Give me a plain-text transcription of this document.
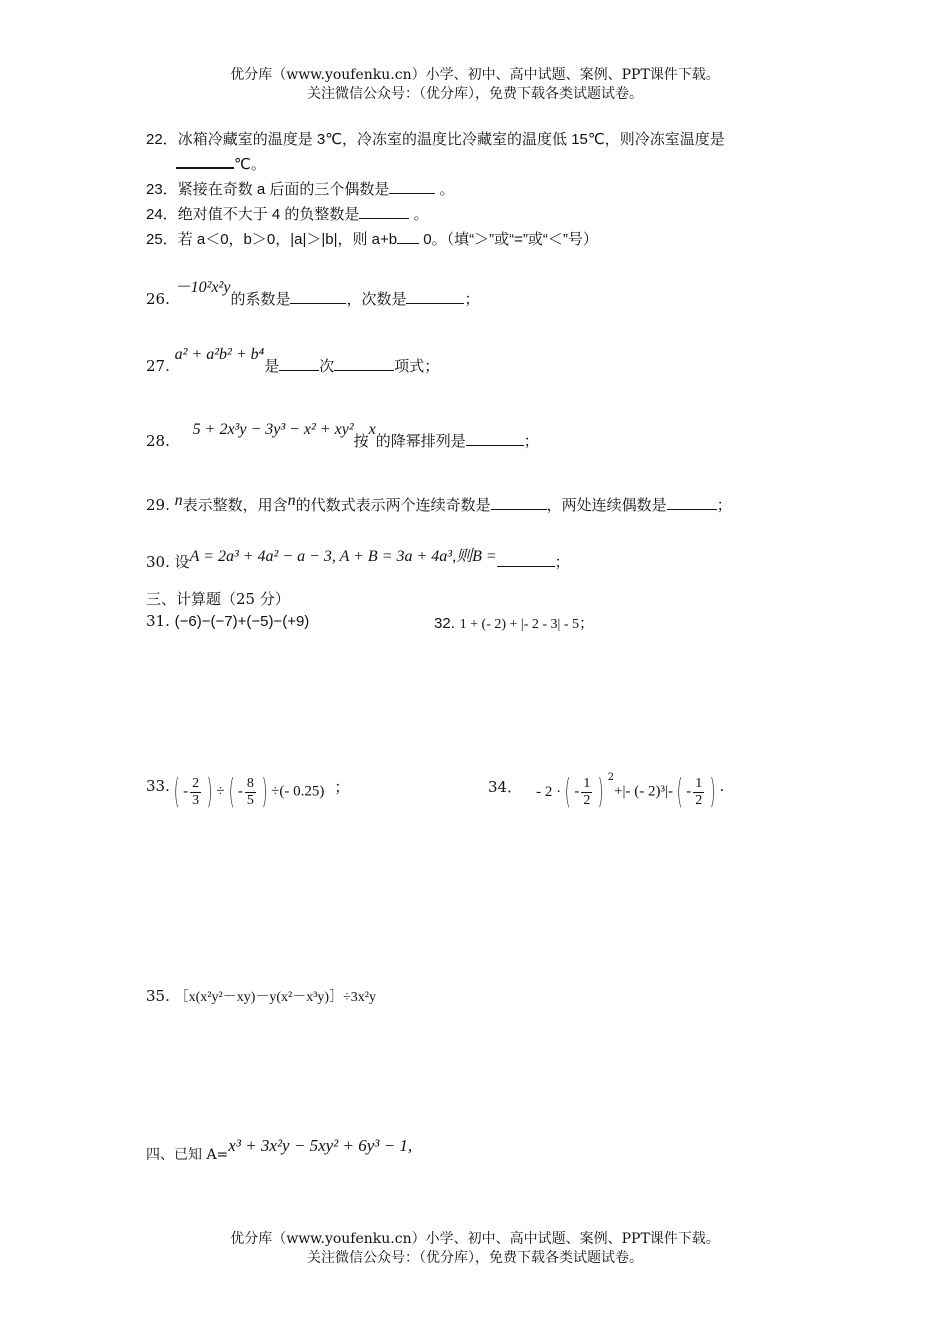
优分库（www.youfenku.cn）小学、初中、高中试题、案例、PPT课件下载。
关注微信公众号：（优分库），免费下载各类试题试卷。
22．冰箱冷藏室的温度是 3℃，冷冻室的温度比冷藏室的温度低 15℃，则冷冻室温度是
℃。
23．紧接在奇数 a 后面的三个偶数是	。
24．绝对值不大于 4 的负整数是	。
25．若 a＜0，b＞0，|a|＞|b|，则 a+b 0。（填“＞”或“=”或“＜”号）
26. －10²x²y的系数是	，次数是	；
27. a² + a²b² + b⁴是	次	项式；
28. 5 + 2x³y − 3y³ − x² + xy²按x的降幂排列是	；
29. n表示整数，用含n的代数式表示两个连续奇数是	，两处连续偶数是	；
30. 设A = 2a³ + 4a² − a − 3, A + B = 3a + 4a³,则B =	；
三、计算题（25 分）
31. (−6)−(−7)+(−5)−(+9)	32. 1 + (- 2) + |- 2 - 3| - 5；
33. ( - $\frac{2}{3}$ ) ÷ ( - $\frac{8}{5}$ ) ÷(- 0.25) ；	34． - 2 · ( - $\frac{1}{2}$ ) $^2$+|- (- 2)³|- ( - $\frac{1}{2}$ ) .
35. ［x(x²y²－xy)－y(x²－x³y)］÷3x²y
四、已知 A=x³ + 3x²y − 5xy² + 6y³ − 1,
优分库（www.youfenku.cn）小学、初中、高中试题、案例、PPT课件下载。
关注微信公众号：（优分库），免费下载各类试题试卷。
